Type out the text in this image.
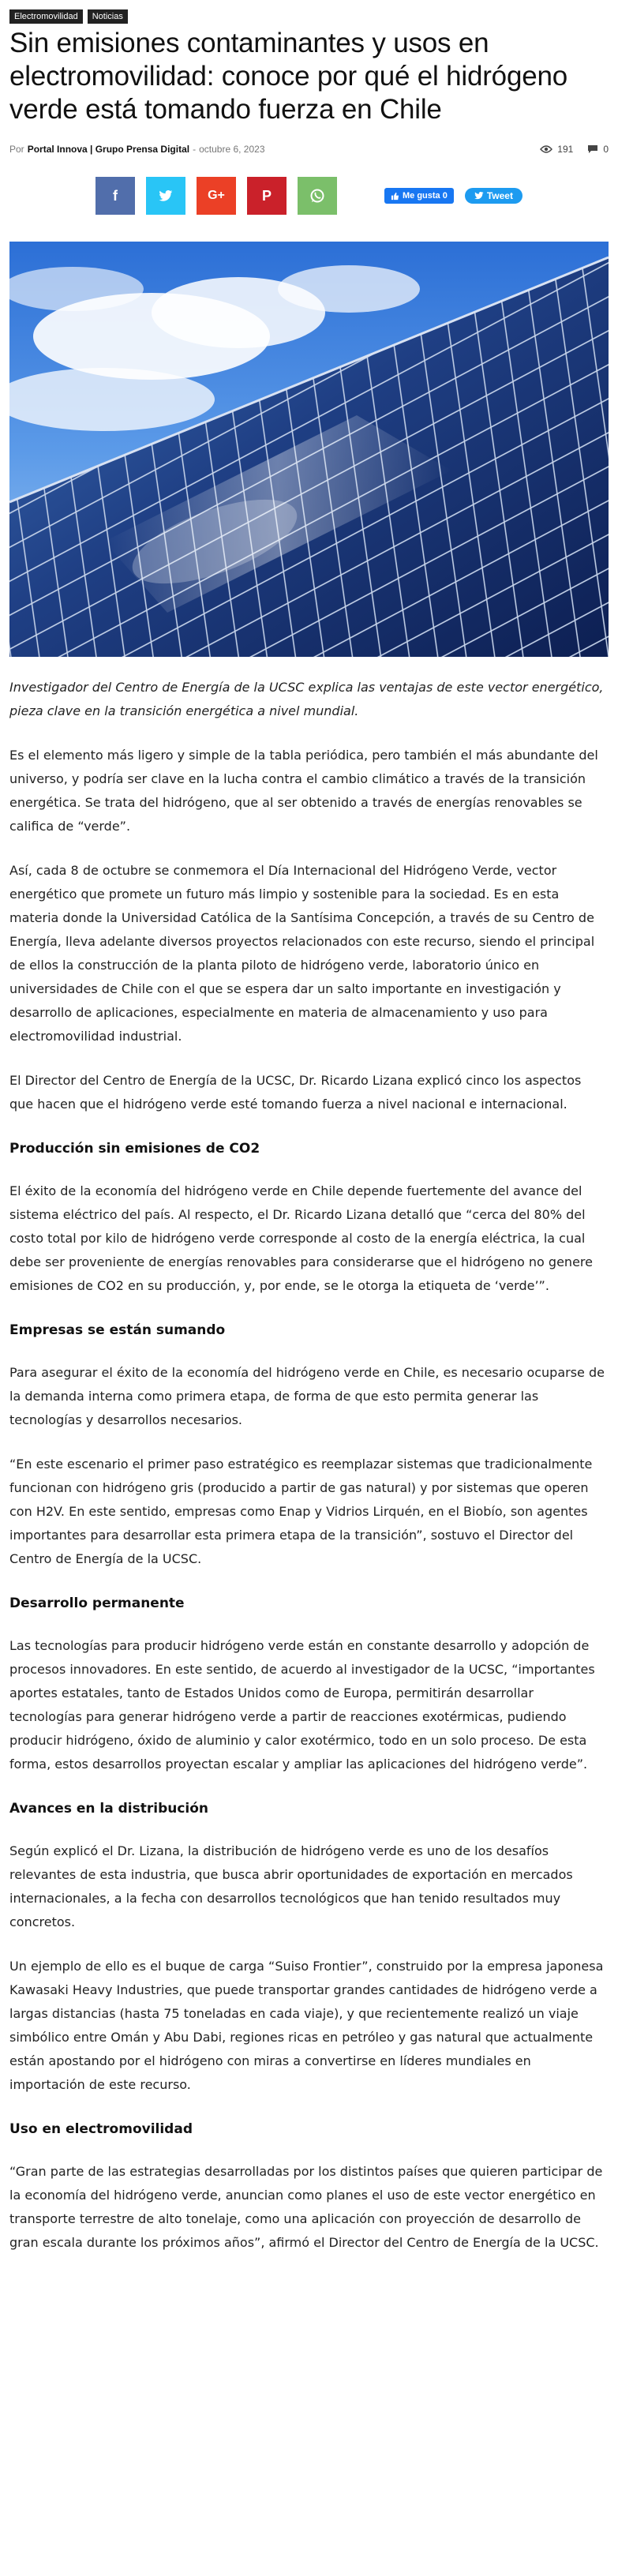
Electromovilidad	Noticias
Sin emisiones contaminantes y usos en electromovilidad: conoce por qué el hidrógeno verde está tomando fuerza en Chile
Por Portal Innova | Grupo Prensa Digital - octubre 6, 2023	191	0
f	G+	P	Me gusta 0	Tweet

Investigador del Centro de Energía de la UCSC explica las ventajas de este vector energético, pieza clave en la transición energética a nivel mundial.

Es el elemento más ligero y simple de la tabla periódica, pero también el más abundante del universo, y podría ser clave en la lucha contra el cambio climático a través de la transición energética. Se trata del hidrógeno, que al ser obtenido a través de energías renovables se califica de “verde”.

Así, cada 8 de octubre se conmemora el Día Internacional del Hidrógeno Verde, vector energético que promete un futuro más limpio y sostenible para la sociedad. Es en esta materia donde la Universidad Católica de la Santísima Concepción, a través de su Centro de Energía, lleva adelante diversos proyectos relacionados con este recurso, siendo el principal de ellos la construcción de la planta piloto de hidrógeno verde, laboratorio único en universidades de Chile con el que se espera dar un salto importante en investigación y desarrollo de aplicaciones, especialmente en materia de almacenamiento y uso para electromovilidad industrial.

El Director del Centro de Energía de la UCSC, Dr. Ricardo Lizana explicó cinco los aspectos que hacen que el hidrógeno verde esté tomando fuerza a nivel nacional e internacional.

Producción sin emisiones de CO2

El éxito de la economía del hidrógeno verde en Chile depende fuertemente del avance del sistema eléctrico del país. Al respecto, el Dr. Ricardo Lizana detalló que “cerca del 80% del costo total por kilo de hidrógeno verde corresponde al costo de la energía eléctrica, la cual debe ser proveniente de energías renovables para considerarse que el hidrógeno no genere emisiones de CO2 en su producción, y, por ende, se le otorga la etiqueta de ‘verde’”.

Empresas se están sumando

Para asegurar el éxito de la economía del hidrógeno verde en Chile, es necesario ocuparse de la demanda interna como primera etapa, de forma de que esto permita generar las tecnologías y desarrollos necesarios.

“En este escenario el primer paso estratégico es reemplazar sistemas que tradicionalmente funcionan con hidrógeno gris (producido a partir de gas natural) y por sistemas que operen con H2V. En este sentido, empresas como Enap y Vidrios Lirquén, en el Biobío, son agentes importantes para desarrollar esta primera etapa de la transición”, sostuvo el Director del Centro de Energía de la UCSC.

Desarrollo permanente

Las tecnologías para producir hidrógeno verde están en constante desarrollo y adopción de procesos innovadores. En este sentido, de acuerdo al investigador de la UCSC, “importantes aportes estatales, tanto de Estados Unidos como de Europa, permitirán desarrollar tecnologías para generar hidrógeno verde a partir de reacciones exotérmicas, pudiendo producir hidrógeno, óxido de aluminio y calor exotérmico, todo en un solo proceso. De esta forma, estos desarrollos proyectan escalar y ampliar las aplicaciones del hidrógeno verde”.

Avances en la distribución

Según explicó el Dr. Lizana, la distribución de hidrógeno verde es uno de los desafíos relevantes de esta industria, que busca abrir oportunidades de exportación en mercados internacionales, a la fecha con desarrollos tecnológicos que han tenido resultados muy concretos.

Un ejemplo de ello es el buque de carga “Suiso Frontier”, construido por la empresa japonesa Kawasaki Heavy Industries, que puede transportar grandes cantidades de hidrógeno verde a largas distancias (hasta 75 toneladas en cada viaje), y que recientemente realizó un viaje simbólico entre Omán y Abu Dabi, regiones ricas en petróleo y gas natural que actualmente están apostando por el hidrógeno con miras a convertirse en líderes mundiales en importación de este recurso.

Uso en electromovilidad

“Gran parte de las estrategias desarrolladas por los distintos países que quieren participar de la economía del hidrógeno verde, anuncian como planes el uso de este vector energético en transporte terrestre de alto tonelaje, como una aplicación con proyección de desarrollo de gran escala durante los próximos años”, afirmó el Director del Centro de Energía de la UCSC.
